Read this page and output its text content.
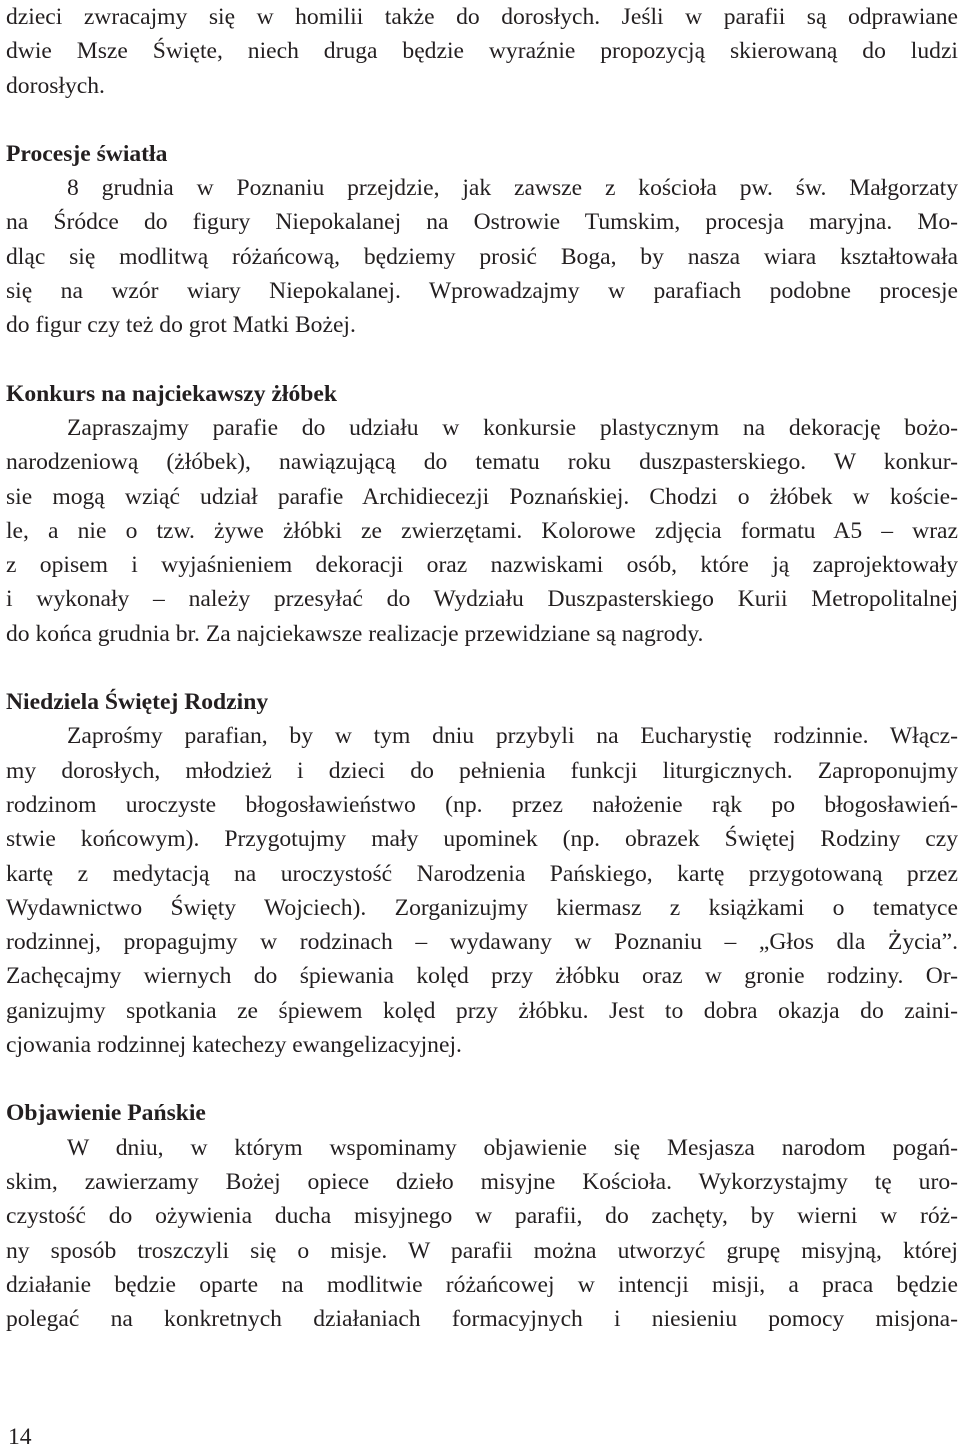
dzieci zwracajmy się w homilii także do dorosłych. Jeśli w parafii są odprawiane
dwie Msze Święte, niech druga będzie wyraźnie propozycją skierowaną do ludzi
dorosłych.
Procesje światła
8 grudnia w Poznaniu przejdzie, jak zawsze z kościoła pw. św. Małgorzaty
na Śródce do figury Niepokalanej na Ostrowie Tumskim, procesja maryjna. Mo-
dląc się modlitwą różańcową, będziemy prosić Boga, by nasza wiara kształtowała
się na wzór wiary Niepokalanej. Wprowadzajmy w parafiach podobne procesje
do figur czy też do grot Matki Bożej.
Konkurs na najciekawszy żłóbek
Zapraszajmy parafie do udziału w konkursie plastycznym na dekorację bożo-
narodzeniową (żłóbek), nawiązującą do tematu roku duszpasterskiego. W konkur-
sie mogą wziąć udział parafie Archidiecezji Poznańskiej. Chodzi o żłóbek w koście-
le, a nie o tzw. żywe żłóbki ze zwierzętami. Kolorowe zdjęcia formatu A5 – wraz
z opisem i wyjaśnieniem dekoracji oraz nazwiskami osób, które ją zaprojektowały
i wykonały – należy przesyłać do Wydziału Duszpasterskiego Kurii Metropolitalnej
do końca grudnia br. Za najciekawsze realizacje przewidziane są nagrody.
Niedziela Świętej Rodziny
Zaprośmy parafian, by w tym dniu przybyli na Eucharystię rodzinnie. Włącz-
my dorosłych, młodzież i dzieci do pełnienia funkcji liturgicznych. Zaproponujmy
rodzinom uroczyste błogosławieństwo (np. przez nałożenie rąk po błogosławień-
stwie końcowym). Przygotujmy mały upominek (np. obrazek Świętej Rodziny czy
kartę z medytacją na uroczystość Narodzenia Pańskiego, kartę przygotowaną przez
Wydawnictwo Święty Wojciech). Zorganizujmy kiermasz z książkami o tematyce
rodzinnej, propagujmy w rodzinach – wydawany w Poznaniu – „Głos dla Życia”.
Zachęcajmy wiernych do śpiewania kolęd przy żłóbku oraz w gronie rodziny. Or-
ganizujmy spotkania ze śpiewem kolęd przy żłóbku. Jest to dobra okazja do zaini-
cjowania rodzinnej katechezy ewangelizacyjnej.
Objawienie Pańskie
W dniu, w którym wspominamy objawienie się Mesjasza narodom pogań-
skim, zawierzamy Bożej opiece dzieło misyjne Kościoła. Wykorzystajmy tę uro-
czystość do ożywienia ducha misyjnego w parafii, do zachęty, by wierni w róż-
ny sposób troszczyli się o misje. W parafii można utworzyć grupę misyjną, której
działanie będzie oparte na modlitwie różańcowej w intencji misji, a praca będzie
polegać na konkretnych działaniach formacyjnych i niesieniu pomocy misjona-
14
